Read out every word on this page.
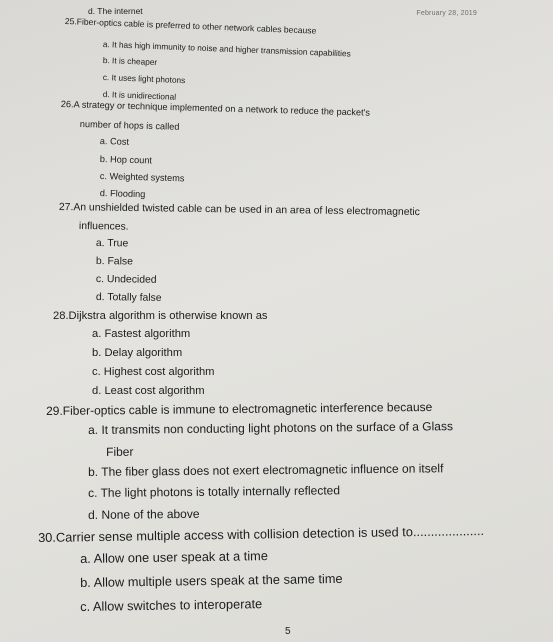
d. The internet	February 28, 2019
25.Fiber-optics cable is preferred to other network cables because
a. It has high immunity to noise and higher transmission capabilities
b. It is cheaper
c. It uses light photons
d. It is unidirectional
26.A strategy or technique implemented on a network to reduce the packet's
number of hops is called
a. Cost
b. Hop count
c. Weighted systems
d. Flooding
27.An unshielded twisted cable can be used in an area of less electromagnetic
influences.
a. True
b. False
c. Undecided
d. Totally false
28.Dijkstra algorithm is otherwise known as
a. Fastest algorithm
b. Delay algorithm
c. Highest cost algorithm
d. Least cost algorithm
29.Fiber-optics cable is immune to electromagnetic interference because
a. It transmits non conducting light photons on the surface of a Glass
Fiber
b. The fiber glass does not exert electromagnetic influence on itself
c. The light photons is totally internally reflected
d. None of the above
30.Carrier sense multiple access with collision detection is used to....................
a. Allow one user speak at a time
b. Allow multiple users speak at the same time
c. Allow switches to interoperate
5
